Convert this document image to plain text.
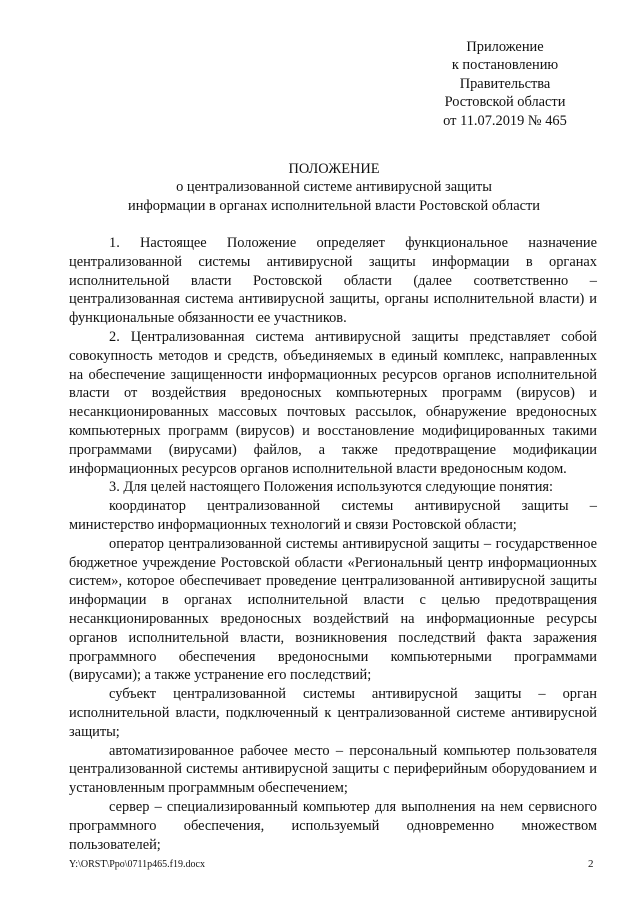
Приложение
к постановлению
Правительства
Ростовской области
от 11.07.2019 № 465
ПОЛОЖЕНИЕ
о централизованной системе антивирусной защиты
информации в органах исполнительной власти Ростовской области

1. Настоящее Положение определяет функциональное назначение централизованной системы антивирусной защиты информации в органах исполнительной власти Ростовской области (далее соответственно – централизованная система антивирусной защиты, органы исполнительной власти) и функциональные обязанности ее участников.

2. Централизованная система антивирусной защиты представляет собой совокупность методов и средств, объединяемых в единый комплекс, направленных на обеспечение защищенности информационных ресурсов органов исполнительной власти от воздействия вредоносных компьютерных программ (вирусов) и несанкционированных массовых почтовых рассылок, обнаружение вредоносных компьютерных программ (вирусов) и восстановление модифицированных такими программами (вирусами) файлов, а также предотвращение модификации информационных ресурсов органов исполнительной власти вредоносным кодом.

3. Для целей настоящего Положения используются следующие понятия:

координатор централизованной системы антивирусной защиты – министерство информационных технологий и связи Ростовской области;

оператор централизованной системы антивирусной защиты – государственное бюджетное учреждение Ростовской области «Региональный центр информационных систем», которое обеспечивает проведение централизованной антивирусной защиты информации в органах исполнительной власти с целью предотвращения несанкционированных вредоносных воздействий на информационные ресурсы органов исполнительной власти, возникновения последствий факта заражения программного обеспечения вредоносными компьютерными программами (вирусами); а также устранение его последствий;

субъект централизованной системы антивирусной защиты – орган исполнительной власти, подключенный к централизованной системе антивирусной защиты;

автоматизированное рабочее место – персональный компьютер пользователя централизованной системы антивирусной защиты с периферийным оборудованием и установленным программным обеспечением;

сервер – специализированный компьютер для выполнения на нем сервисного программного обеспечения, используемый одновременно множеством пользователей;

Y:\ORST\Ppo\0711p465.f19.docx	2
